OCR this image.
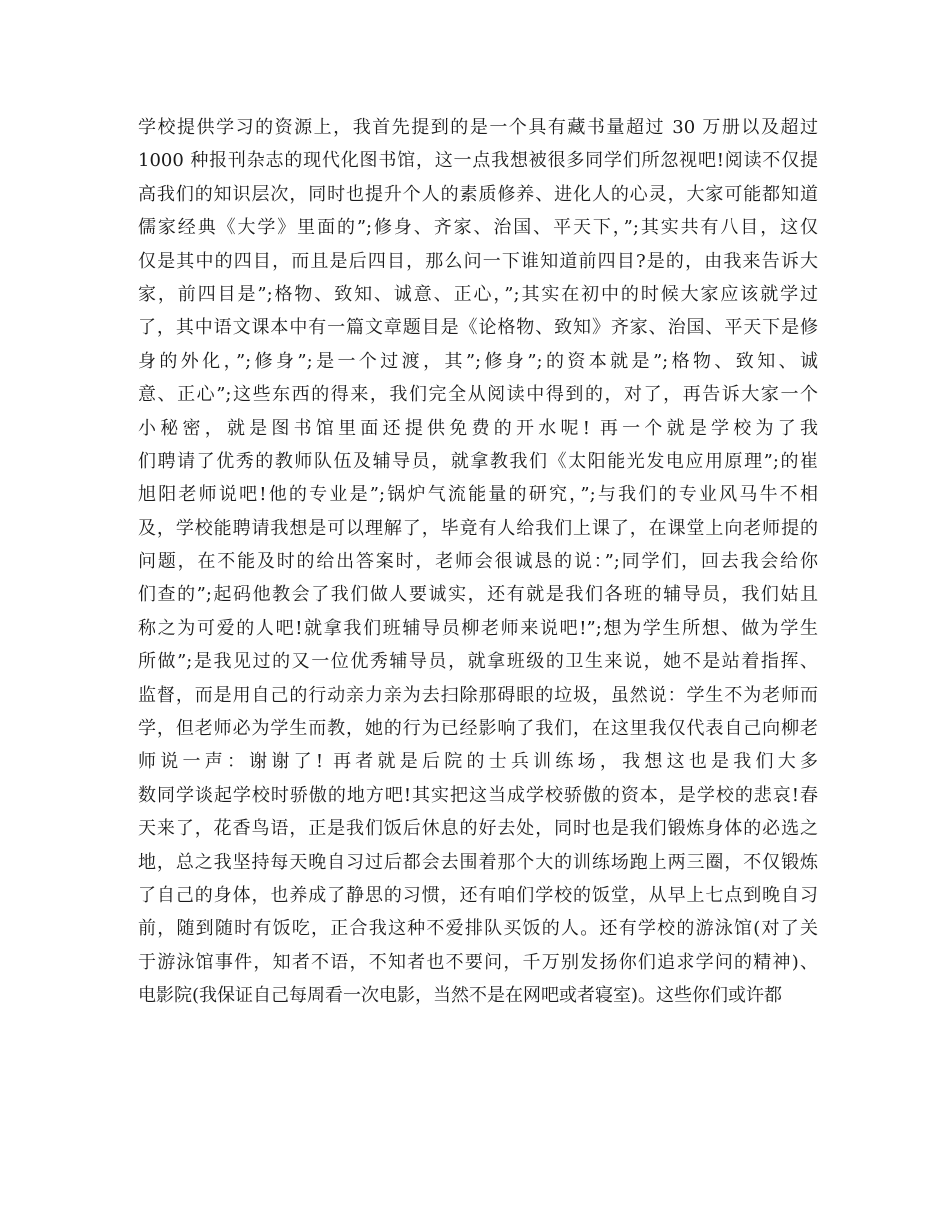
学校提供学习的资源上，我首先提到的是一个具有藏书量超过 30 万册以及超过
1000 种报刊杂志的现代化图书馆，这一点我想被很多同学们所忽视吧!阅读不仅提
高我们的知识层次，同时也提升个人的素质修养、进化人的心灵，大家可能都知道
儒家经典《大学》里面的”;修身、齐家、治国、平天下，”;其实共有八目，这仅
仅是其中的四目，而且是后四目，那么问一下谁知道前四目?是的，由我来告诉大
家，前四目是”;格物、致知、诚意、正心，”;其实在初中的时候大家应该就学过
了，其中语文课本中有一篇文章题目是《论格物、致知》齐家、治国、平天下是修
身的外化，”;修身”;是一个过渡，其”;修身”;的资本就是”;格物、致知、诚
意、正心”;这些东西的得来，我们完全从阅读中得到的，对了，再告诉大家一个
小秘密，就是图书馆里面还提供免费的开水呢! 再一个就是学校为了我
们聘请了优秀的教师队伍及辅导员，就拿教我们《太阳能光发电应用原理”;的崔
旭阳老师说吧!他的专业是”;锅炉气流能量的研究，”;与我们的专业风马牛不相
及，学校能聘请我想是可以理解了，毕竟有人给我们上课了，在课堂上向老师提的
问题，在不能及时的给出答案时，老师会很诚恳的说：”;同学们，回去我会给你
们查的”;起码他教会了我们做人要诚实，还有就是我们各班的辅导员，我们姑且
称之为可爱的人吧!就拿我们班辅导员柳老师来说吧!”;想为学生所想、做为学生
所做”;是我见过的又一位优秀辅导员，就拿班级的卫生来说，她不是站着指挥、
监督，而是用自己的行动亲力亲为去扫除那碍眼的垃圾，虽然说：学生不为老师而
学，但老师必为学生而教，她的行为已经影响了我们，在这里我仅代表自己向柳老
师说一声：谢谢了! 再者就是后院的士兵训练场，我想这也是我们大多
数同学谈起学校时骄傲的地方吧!其实把这当成学校骄傲的资本，是学校的悲哀!春
天来了，花香鸟语，正是我们饭后休息的好去处，同时也是我们锻炼身体的必选之
地，总之我坚持每天晚自习过后都会去围着那个大的训练场跑上两三圈，不仅锻炼
了自己的身体，也养成了静思的习惯，还有咱们学校的饭堂，从早上七点到晚自习
前，随到随时有饭吃，正合我这种不爱排队买饭的人。还有学校的游泳馆(对了关
于游泳馆事件，知者不语，不知者也不要问，千万别发扬你们追求学问的精神)、
电影院(我保证自己每周看一次电影，当然不是在网吧或者寝室)。这些你们或许都
